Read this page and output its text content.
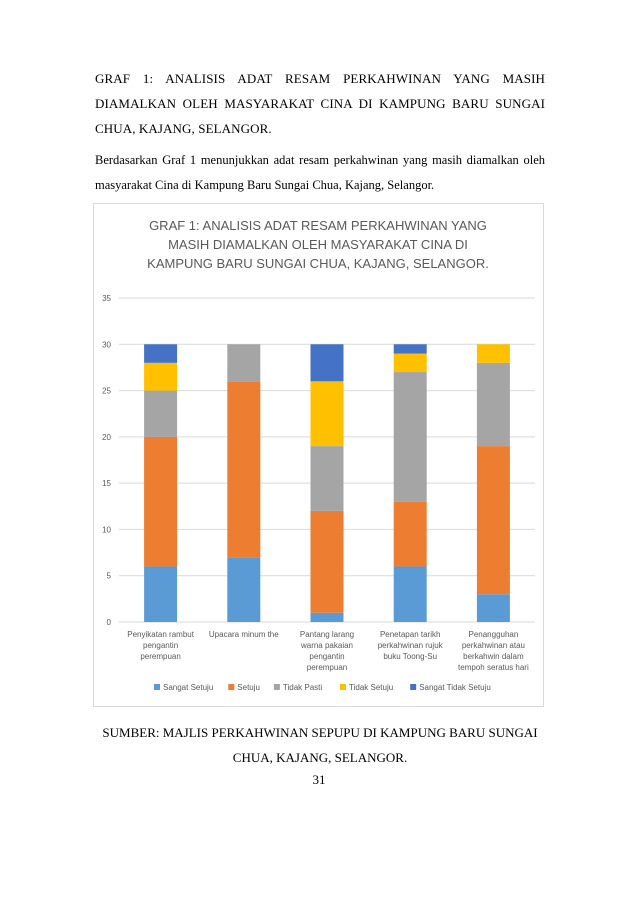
GRAF 1: ANALISIS ADAT RESAM PERKAHWINAN YANG MASIH
DIAMALKAN OLEH MASYARAKAT CINA DI KAMPUNG BARU SUNGAI
CHUA, KAJANG, SELANGOR.
Berdasarkan Graf 1 menunjukkan adat resam perkahwinan yang masih diamalkan oleh masyarakat Cina di Kampung Baru Sungai Chua, Kajang, Selangor.
GRAF 1: ANALISIS ADAT RESAM PERKAHWINAN YANG
MASIH DIAMALKAN OLEH MASYARAKAT CINA DI
KAMPUNG BARU SUNGAI CHUA, KAJANG, SELANGOR.
0
5
10
15
20
25
30
35
Penyikatan rambut
pengantin
perempuan
Upacara minum the	Pantang larang
warna pakaian
pengantin
perempuan
Penetapan tarikh
perkahwinan rujuk
buku Toong-Su
Penangguhan
perkahwinan atau
berkahwin dalam
tempoh seratus hari
Sangat Setuju	Setuju	Tidak Pasti	Tidak Setuju	Sangat Tidak Setuju
SUMBER: MAJLIS PERKAHWINAN SEPUPU DI KAMPUNG BARU SUNGAI
CHUA, KAJANG, SELANGOR.
31
